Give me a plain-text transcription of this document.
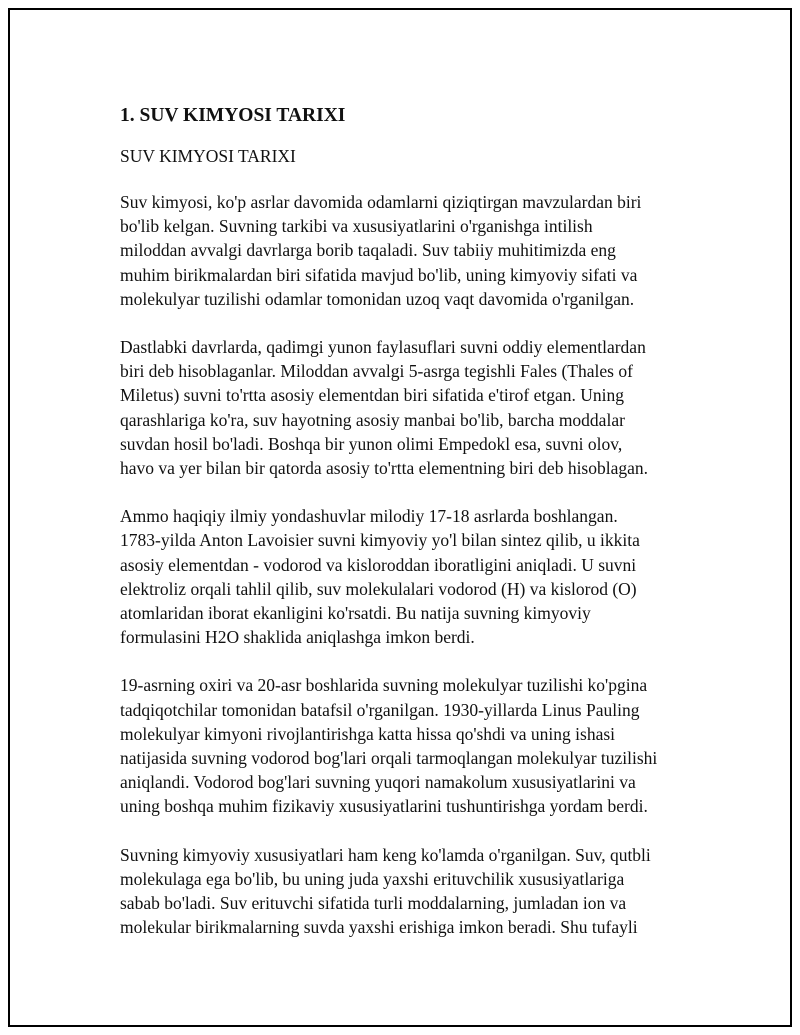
1. SUV KIMYOSI TARIXI
SUV KIMYOSI TARIXI
Suv kimyosi, ko'p asrlar davomida odamlarni qiziqtirgan mavzulardan biri
bo'lib kelgan. Suvning tarkibi va xususiyatlarini o'rganishga intilish
miloddan avvalgi davrlarga borib taqaladi. Suv tabiiy muhitimizda eng
muhim birikmalardan biri sifatida mavjud bo'lib, uning kimyoviy sifati va
molekulyar tuzilishi odamlar tomonidan uzoq vaqt davomida o'rganilgan.
Dastlabki davrlarda, qadimgi yunon faylasuflari suvni oddiy elementlardan
biri deb hisoblaganlar. Miloddan avvalgi 5-asrga tegishli Fales (Thales of
Miletus) suvni to'rtta asosiy elementdan biri sifatida e'tirof etgan. Uning
qarashlariga ko'ra, suv hayotning asosiy manbai bo'lib, barcha moddalar
suvdan hosil bo'ladi. Boshqa bir yunon olimi Empedokl esa, suvni olov,
havo va yer bilan bir qatorda asosiy to'rtta elementning biri deb hisoblagan.
Ammo haqiqiy ilmiy yondashuvlar milodiy 17-18 asrlarda boshlangan.
1783-yilda Anton Lavoisier suvni kimyoviy yo'l bilan sintez qilib, u ikkita
asosiy elementdan - vodorod va kisloroddan iboratligini aniqladi. U suvni
elektroliz orqali tahlil qilib, suv molekulalari vodorod (H) va kislorod (O)
atomlaridan iborat ekanligini ko'rsatdi. Bu natija suvning kimyoviy
formulasini H2O shaklida aniqlashga imkon berdi.
19-asrning oxiri va 20-asr boshlarida suvning molekulyar tuzilishi ko'pgina
tadqiqotchilar tomonidan batafsil o'rganilgan. 1930-yillarda Linus Pauling
molekulyar kimyoni rivojlantirishga katta hissa qo'shdi va uning ishasi
natijasida suvning vodorod bog'lari orqali tarmoqlangan molekulyar tuzilishi
aniqlandi. Vodorod bog'lari suvning yuqori namakolum xususiyatlarini va
uning boshqa muhim fizikaviy xususiyatlarini tushuntirishga yordam berdi.
Suvning kimyoviy xususiyatlari ham keng ko'lamda o'rganilgan. Suv, qutbli
molekulaga ega bo'lib, bu uning juda yaxshi erituvchilik xususiyatlariga
sabab bo'ladi. Suv erituvchi sifatida turli moddalarning, jumladan ion va
molekular birikmalarning suvda yaxshi erishiga imkon beradi. Shu tufayli
